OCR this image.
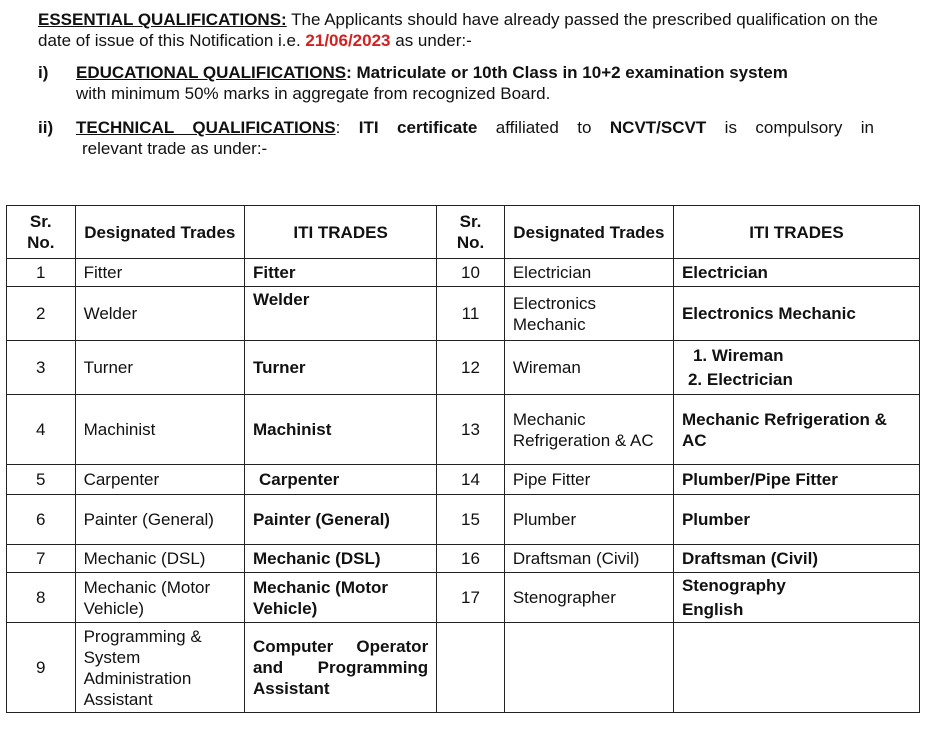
ESSENTIAL QUALIFICATIONS: The Applicants should have already passed the prescribed qualification on the date of issue of this Notification i.e. 21/06/2023 as under:-
i) EDUCATIONAL QUALIFICATIONS: Matriculate or 10th Class in 10+2 examination system
with minimum 50% marks in aggregate from recognized Board.
ii) TECHNICAL QUALIFICATIONS: ITI certificate affiliated to NCVT/SCVT is compulsory in
relevant trade as under:-
Sr. No.	Designated Trades	ITI TRADES	Sr. No.	Designated Trades	ITI TRADES
1	Fitter	Fitter	10	Electrician	Electrician
2	Welder	Welder	11	Electronics Mechanic	Electronics Mechanic
3	Turner	Turner	12	Wireman	1. Wireman
2. Electrician

4	Machinist	Machinist	13	Mechanic Refrigeration & AC	Mechanic Refrigeration & AC
5	Carpenter	Carpenter	14	Pipe Fitter	Plumber/Pipe Fitter
6	Painter (General)	Painter (General)	15	Plumber	Plumber
7	Mechanic (DSL)	Mechanic (DSL)	16	Draftsman (Civil)	Draftsman (Civil)
8	Mechanic (Motor Vehicle)	Mechanic (Motor Vehicle)	17	Stenographer	Stenography
English

9	Programming & System Administration Assistant	Computer Operator and Programming Assistant			
